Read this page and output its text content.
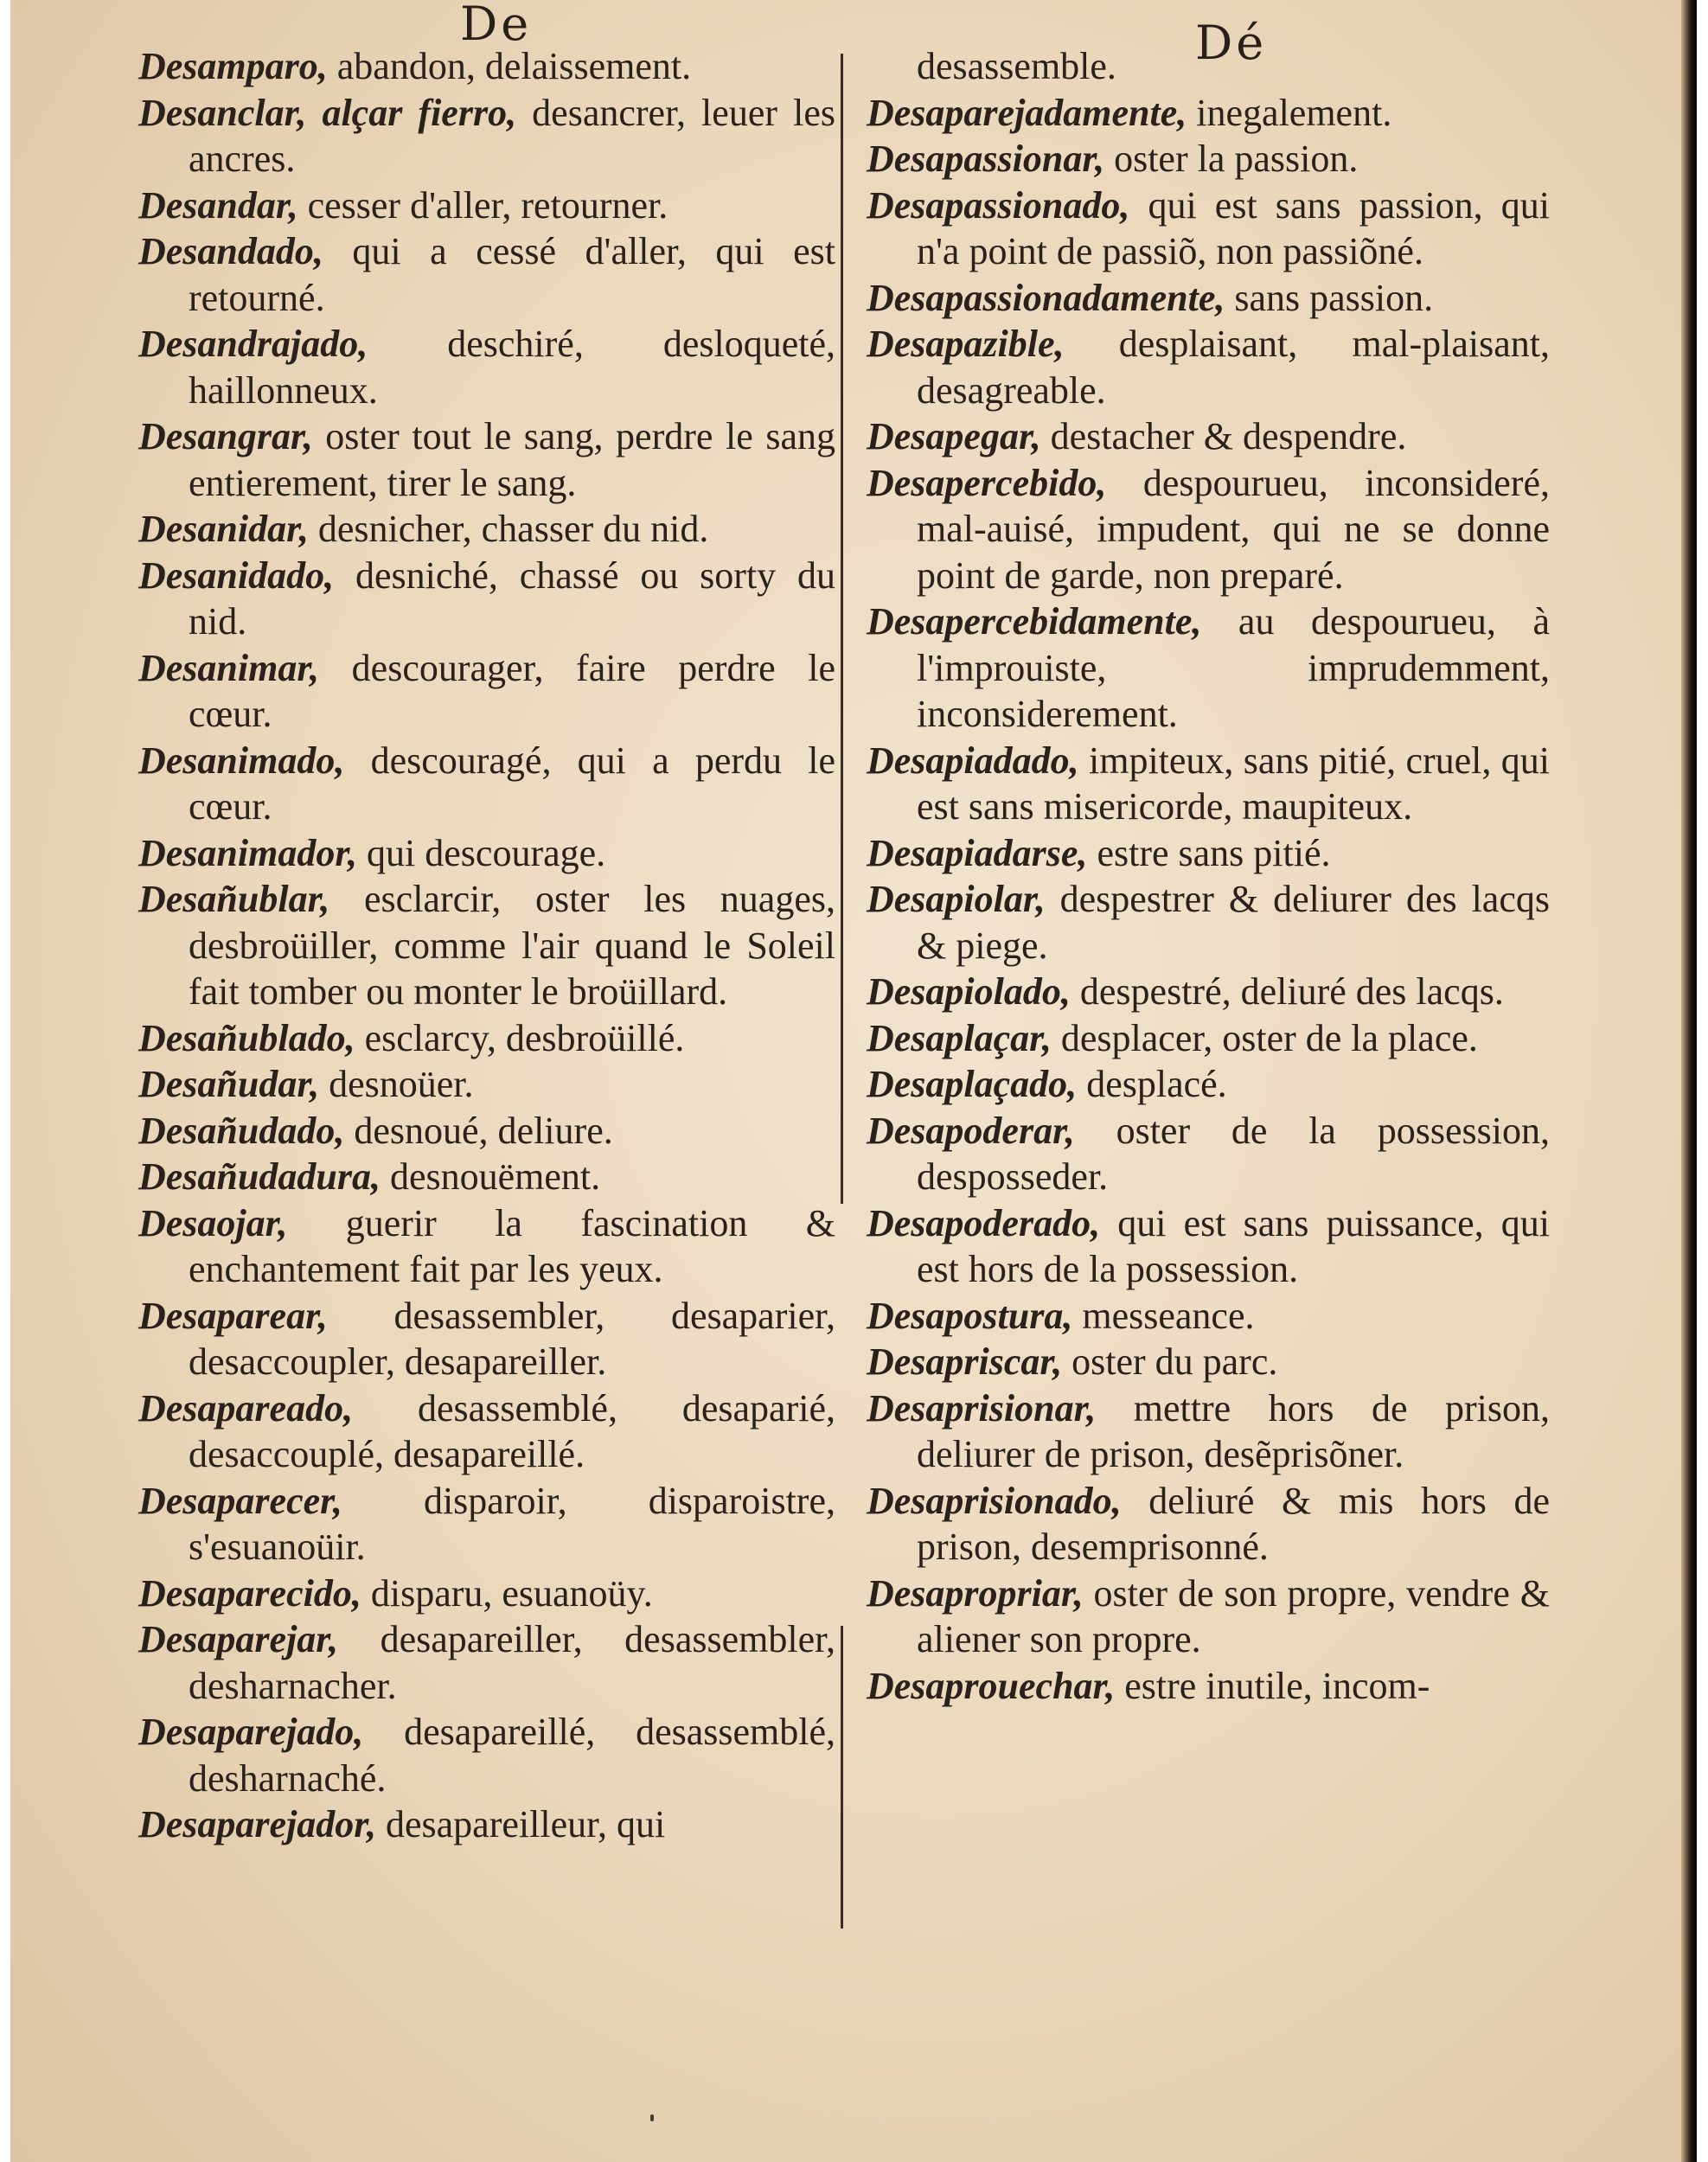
De	Dé

Desamparo, abandon, delaissement.

Desanclar, alçar fierro, desancrer, leuer les ancres.

Desandar, cesser d'aller, retourner.

Desandado, qui a cessé d'aller, qui est retourné.

Desandrajado, deschiré, desloqueté, haillonneux.

Desangrar, oster tout le sang, perdre le sang entierement, tirer le sang.

Desanidar, desnicher, chasser du nid.

Desanidado, desniché, chassé ou sorty du nid.

Desanimar, descourager, faire perdre le cœur.

Desanimado, descouragé, qui a perdu le cœur.

Desanimador, qui descourage.

Desañublar, esclarcir, oster les nuages, desbroüiller, comme l'air quand le Soleil fait tomber ou monter le broüillard.

Desañublado, esclarcy, desbroüillé.

Desañudar, desnoüer.

Desañudado, desnoué, deliure.

Desañudadura, desnouëment.

Desaojar, guerir la fascination & enchantement fait par les yeux.

Desaparear, desassembler, desaparier, desaccoupler, desapareiller.

Desapareado, desassemblé, desaparié, desaccouplé, desapareillé.

Desaparecer, disparoir, disparoistre, s'esuanoüir.

Desaparecido, disparu, esuanoüy.

Desaparejar, desapareiller, desassembler, desharnacher.

Desaparejado, desapareillé, desassemblé, desharnaché.

Desaparejador, desapareilleur, qui

desassemble.

Desaparejadamente, inegalement.

Desapassionar, oster la passion.

Desapassionado, qui est sans passion, qui n'a point de passiõ, non passiõné.

Desapassionadamente, sans passion.

Desapazible, desplaisant, mal-plaisant, desagreable.

Desapegar, destacher & despendre.

Desapercebido, despourueu, inconsideré, mal-auisé, impudent, qui ne se donne point de garde, non preparé.

Desapercebidamente, au despourueu, à l'improuiste, imprudemment, inconsiderement.

Desapiadado, impiteux, sans pitié, cruel, qui est sans misericorde, maupiteux.

Desapiadarse, estre sans pitié.

Desapiolar, despestrer & deliurer des lacqs & piege.

Desapiolado, despestré, deliuré des lacqs.

Desaplaçar, desplacer, oster de la place.

Desaplaçado, desplacé.

Desapoderar, oster de la possession, desposseder.

Desapoderado, qui est sans puissance, qui est hors de la possession.

Desapostura, messeance.

Desapriscar, oster du parc.

Desaprisionar, mettre hors de prison, deliurer de prison, desẽprisõner.

Desaprisionado, deliuré & mis hors de prison, desemprisonné.

Desapropriar, oster de son propre, vendre & aliener son propre.

Desaprouechar, estre inutile, incom-
